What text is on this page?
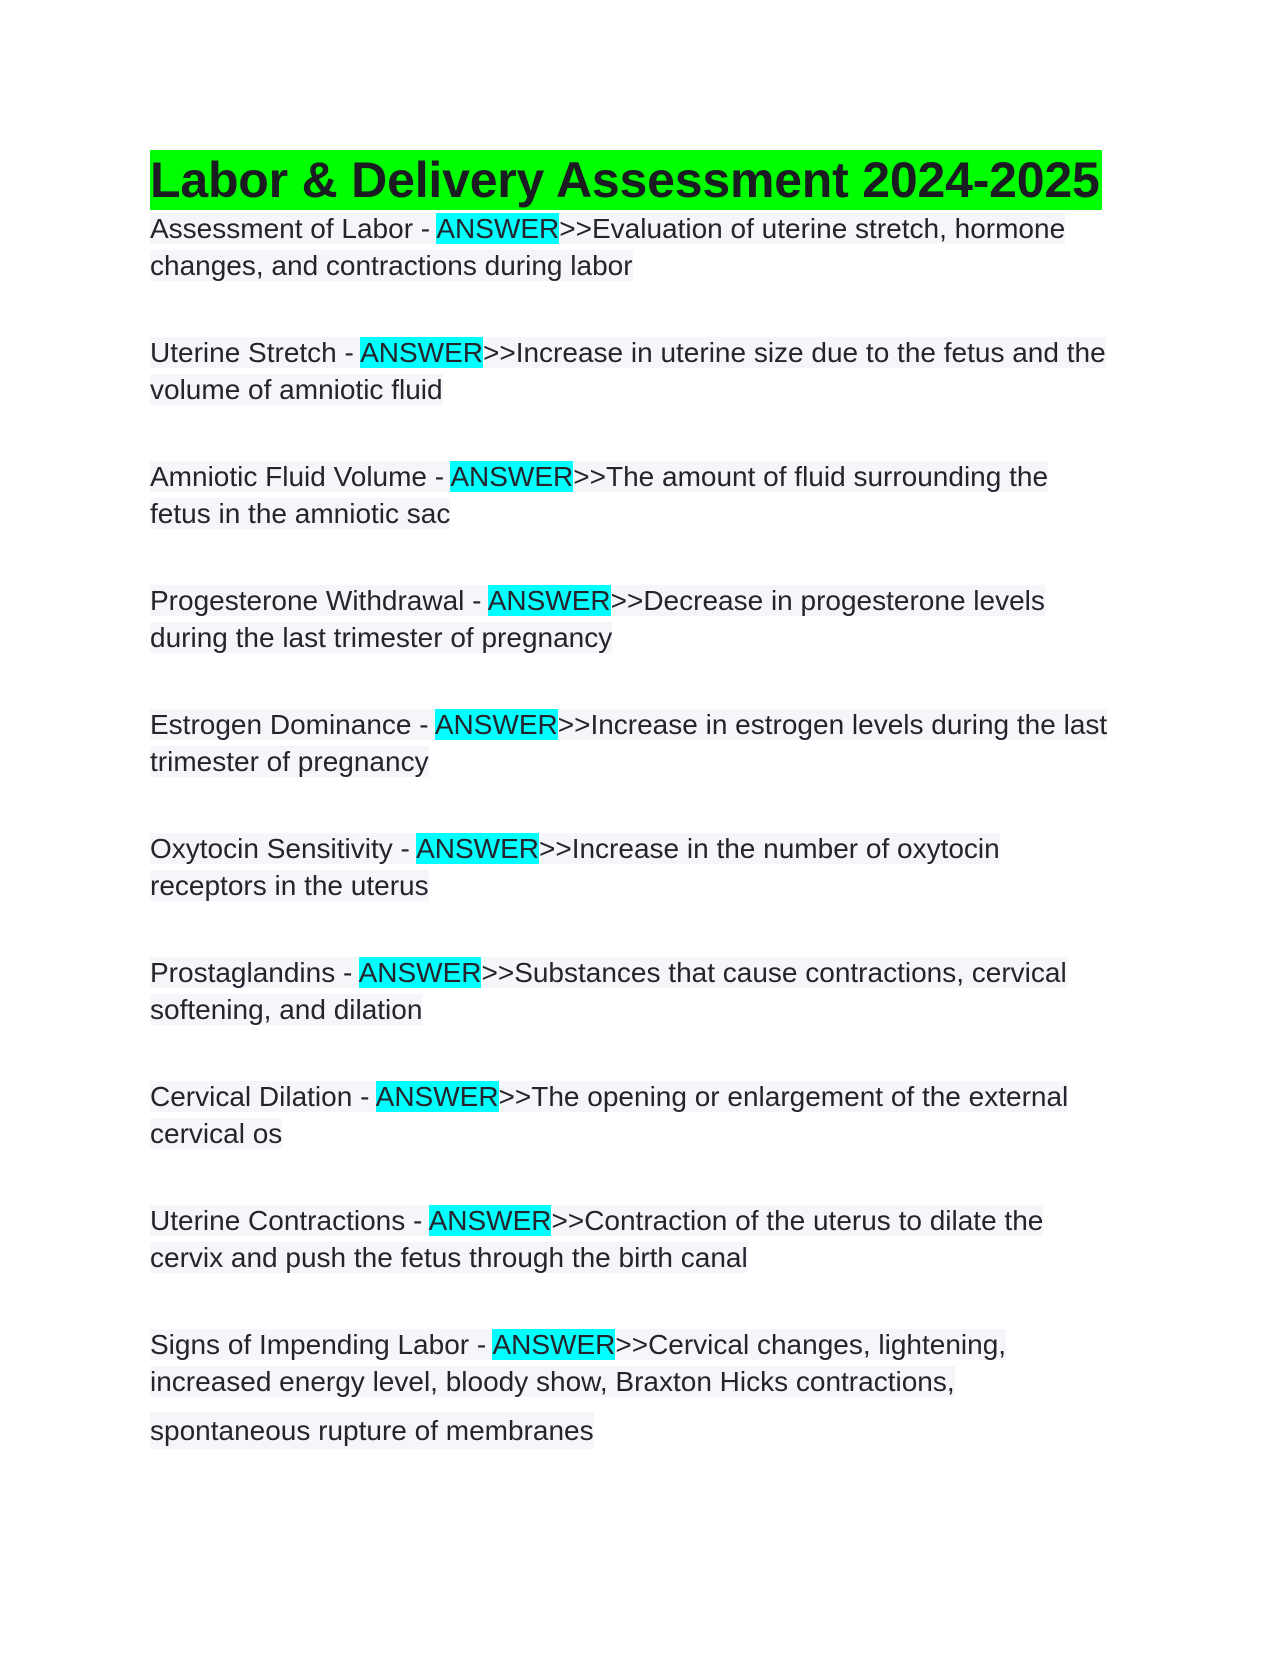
Labor & Delivery Assessment 2024-2025

Assessment of Labor - ANSWER>>Evaluation of uterine stretch, hormone changes, and contractions during labor

Uterine Stretch - ANSWER>>Increase in uterine size due to the fetus and the volume of amniotic fluid

Amniotic Fluid Volume - ANSWER>>The amount of fluid surrounding the fetus in the amniotic sac

Progesterone Withdrawal - ANSWER>>Decrease in progesterone levels during the last trimester of pregnancy

Estrogen Dominance - ANSWER>>Increase in estrogen levels during the last trimester of pregnancy

Oxytocin Sensitivity - ANSWER>>Increase in the number of oxytocin receptors in the uterus

Prostaglandins - ANSWER>>Substances that cause contractions, cervical softening, and dilation

Cervical Dilation - ANSWER>>The opening or enlargement of the external cervical os

Uterine Contractions - ANSWER>>Contraction of the uterus to dilate the cervix and push the fetus through the birth canal

Signs of Impending Labor - ANSWER>>Cervical changes, lightening, increased energy level, bloody show, Braxton Hicks contractions,
spontaneous rupture of membranes
